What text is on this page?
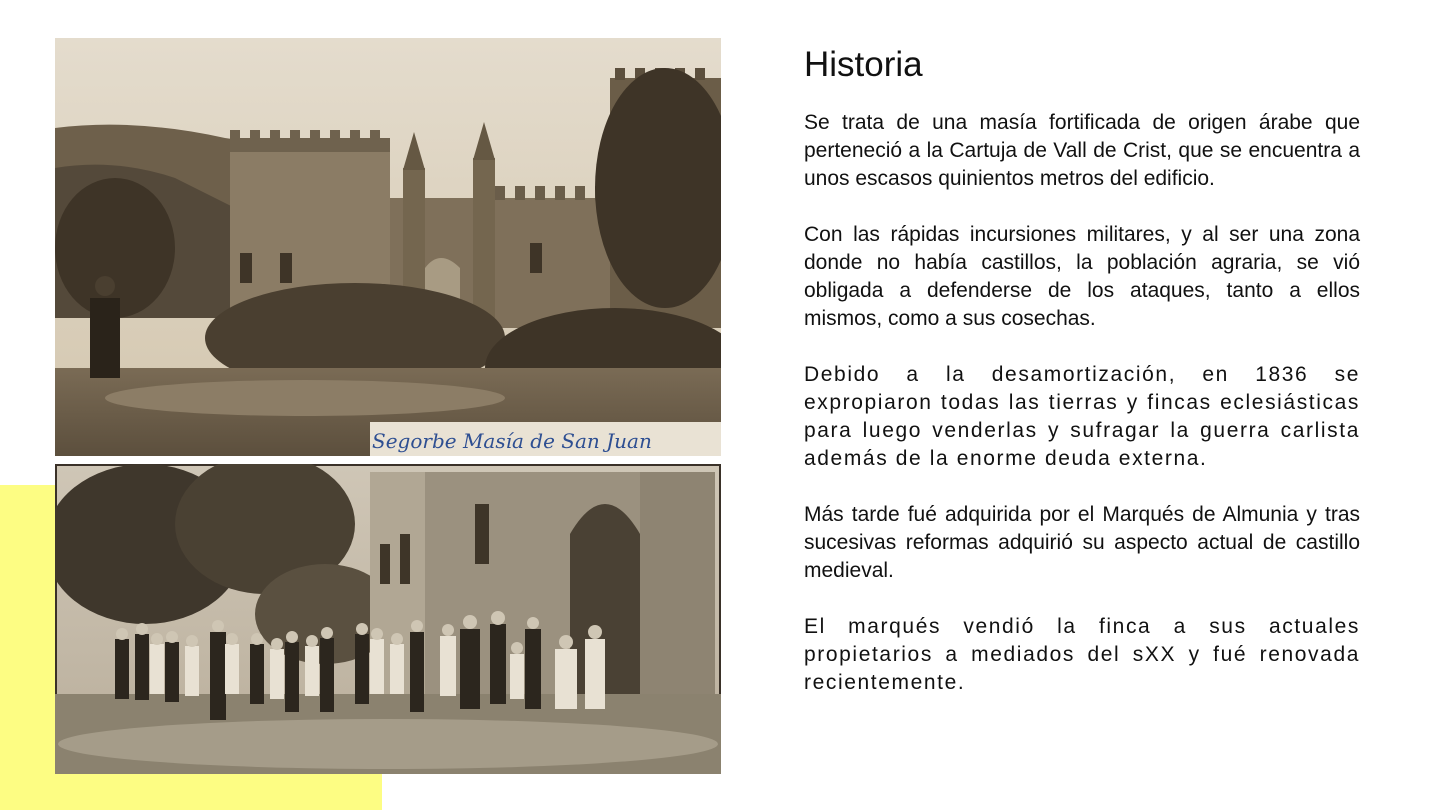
Segorbe Masía de San Juan
Historia

Se trata de una masía fortificada de origen árabe que perteneció a la Cartuja de Vall de Crist, que se encuentra a unos escasos quinientos metros del edificio.

Con las rápidas incursiones militares, y al ser una zona donde no había castillos, la población agraria, se vió obligada a defenderse de los ataques, tanto a ellos mismos, como a sus cosechas.

Debido a la desamortización, en 1836 se expropiaron todas las tierras y fincas eclesiásticas para luego venderlas y sufragar la guerra carlista además de la enorme deuda externa.

Más tarde fué adquirida por el Marqués de Almunia y tras sucesivas reformas adquirió su aspecto actual de castillo medieval.

El marqués vendió la finca a sus actuales propietarios a mediados del sXX y fué renovada recientemente.
